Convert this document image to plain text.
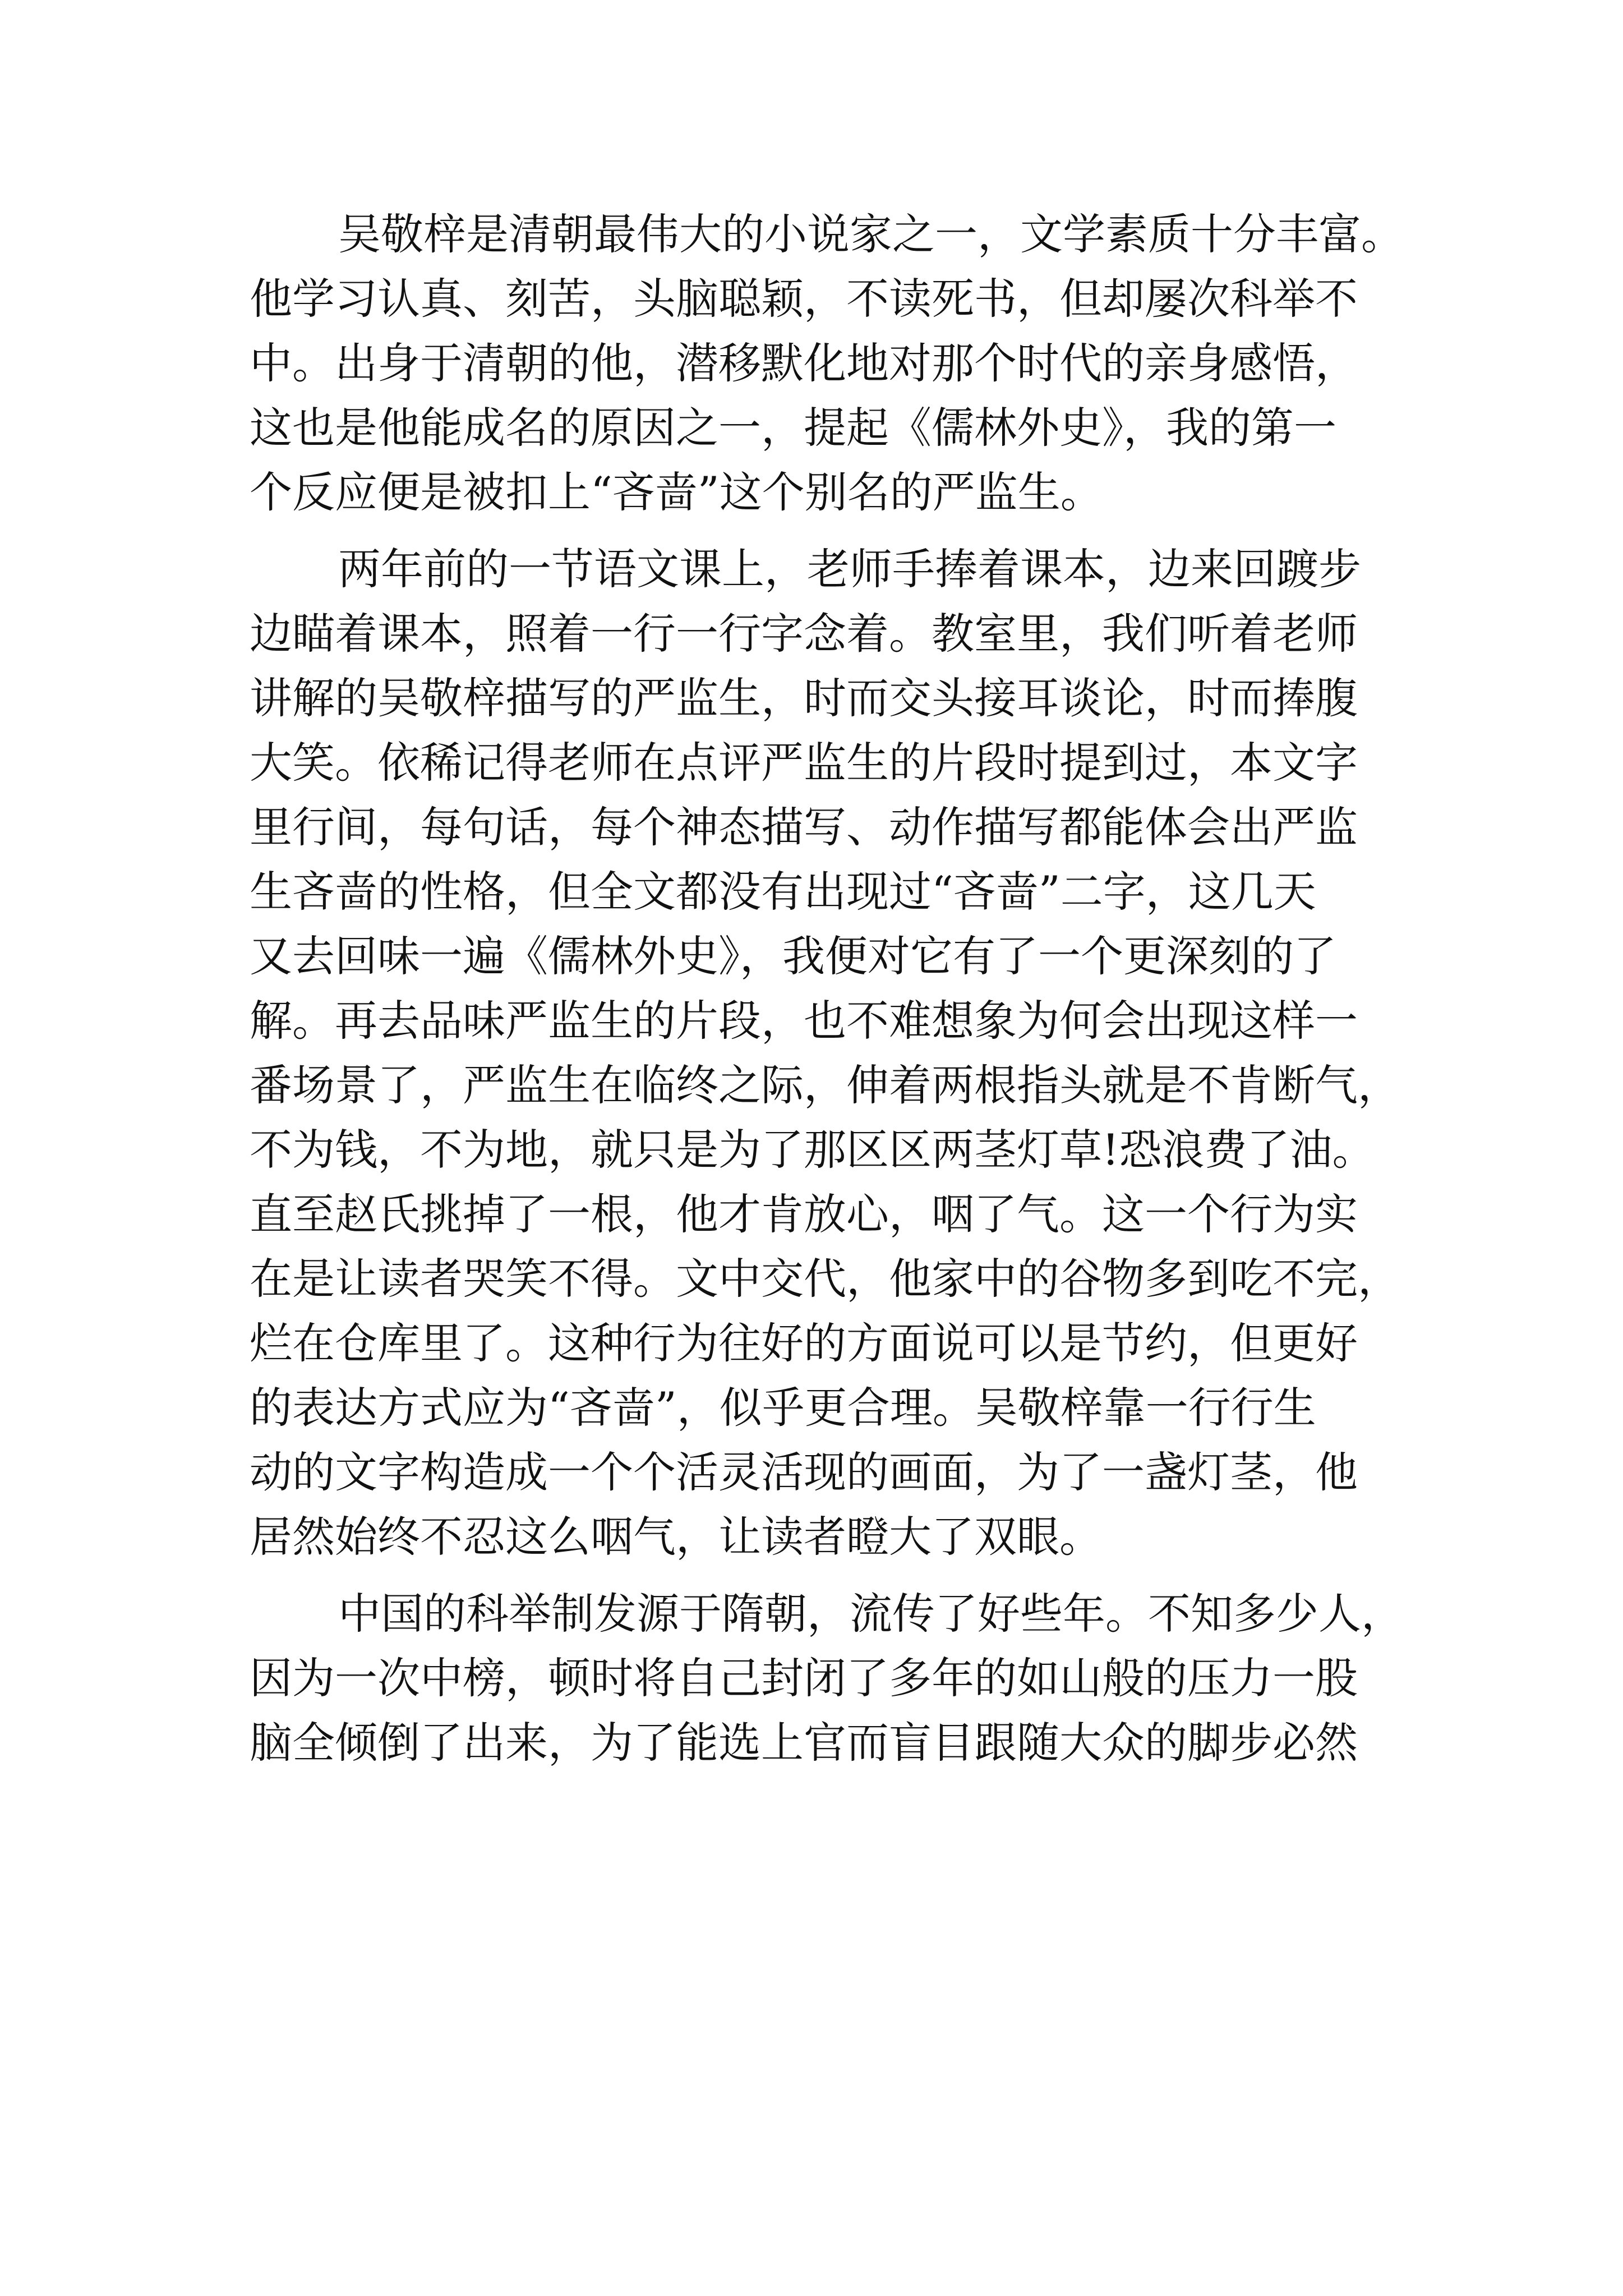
吴敬梓是清朝最伟大的小说家之一，文学素质十分丰富。
他学习认真、刻苦，头脑聪颖，不读死书，但却屡次科举不
中。出身于清朝的他，潜移默化地对那个时代的亲身感悟，
这也是他能成名的原因之一，提起《儒林外史》，我的第一
个反应便是被扣上“吝啬”这个别名的严监生。
两年前的一节语文课上，老师手捧着课本，边来回踱步
边瞄着课本，照着一行一行字念着。教室里，我们听着老师
讲解的吴敬梓描写的严监生，时而交头接耳谈论，时而捧腹
大笑。依稀记得老师在点评严监生的片段时提到过，本文字
里行间，每句话，每个神态描写、动作描写都能体会出严监
生吝啬的性格，但全文都没有出现过“吝啬”二字，这几天
又去回味一遍《儒林外史》，我便对它有了一个更深刻的了
解。再去品味严监生的片段，也不难想象为何会出现这样一
番场景了，严监生在临终之际，伸着两根指头就是不肯断气，
不为钱，不为地，就只是为了那区区两茎灯草!恐浪费了油。
直至赵氏挑掉了一根，他才肯放心，咽了气。这一个行为实
在是让读者哭笑不得。文中交代，他家中的谷物多到吃不完，
烂在仓库里了。这种行为往好的方面说可以是节约，但更好
的表达方式应为“吝啬”，似乎更合理。吴敬梓靠一行行生
动的文字构造成一个个活灵活现的画面，为了一盏灯茎，他
居然始终不忍这么咽气，让读者瞪大了双眼。
中国的科举制发源于隋朝，流传了好些年。不知多少人，
因为一次中榜，顿时将自己封闭了多年的如山般的压力一股
脑全倾倒了出来，为了能选上官而盲目跟随大众的脚步必然
